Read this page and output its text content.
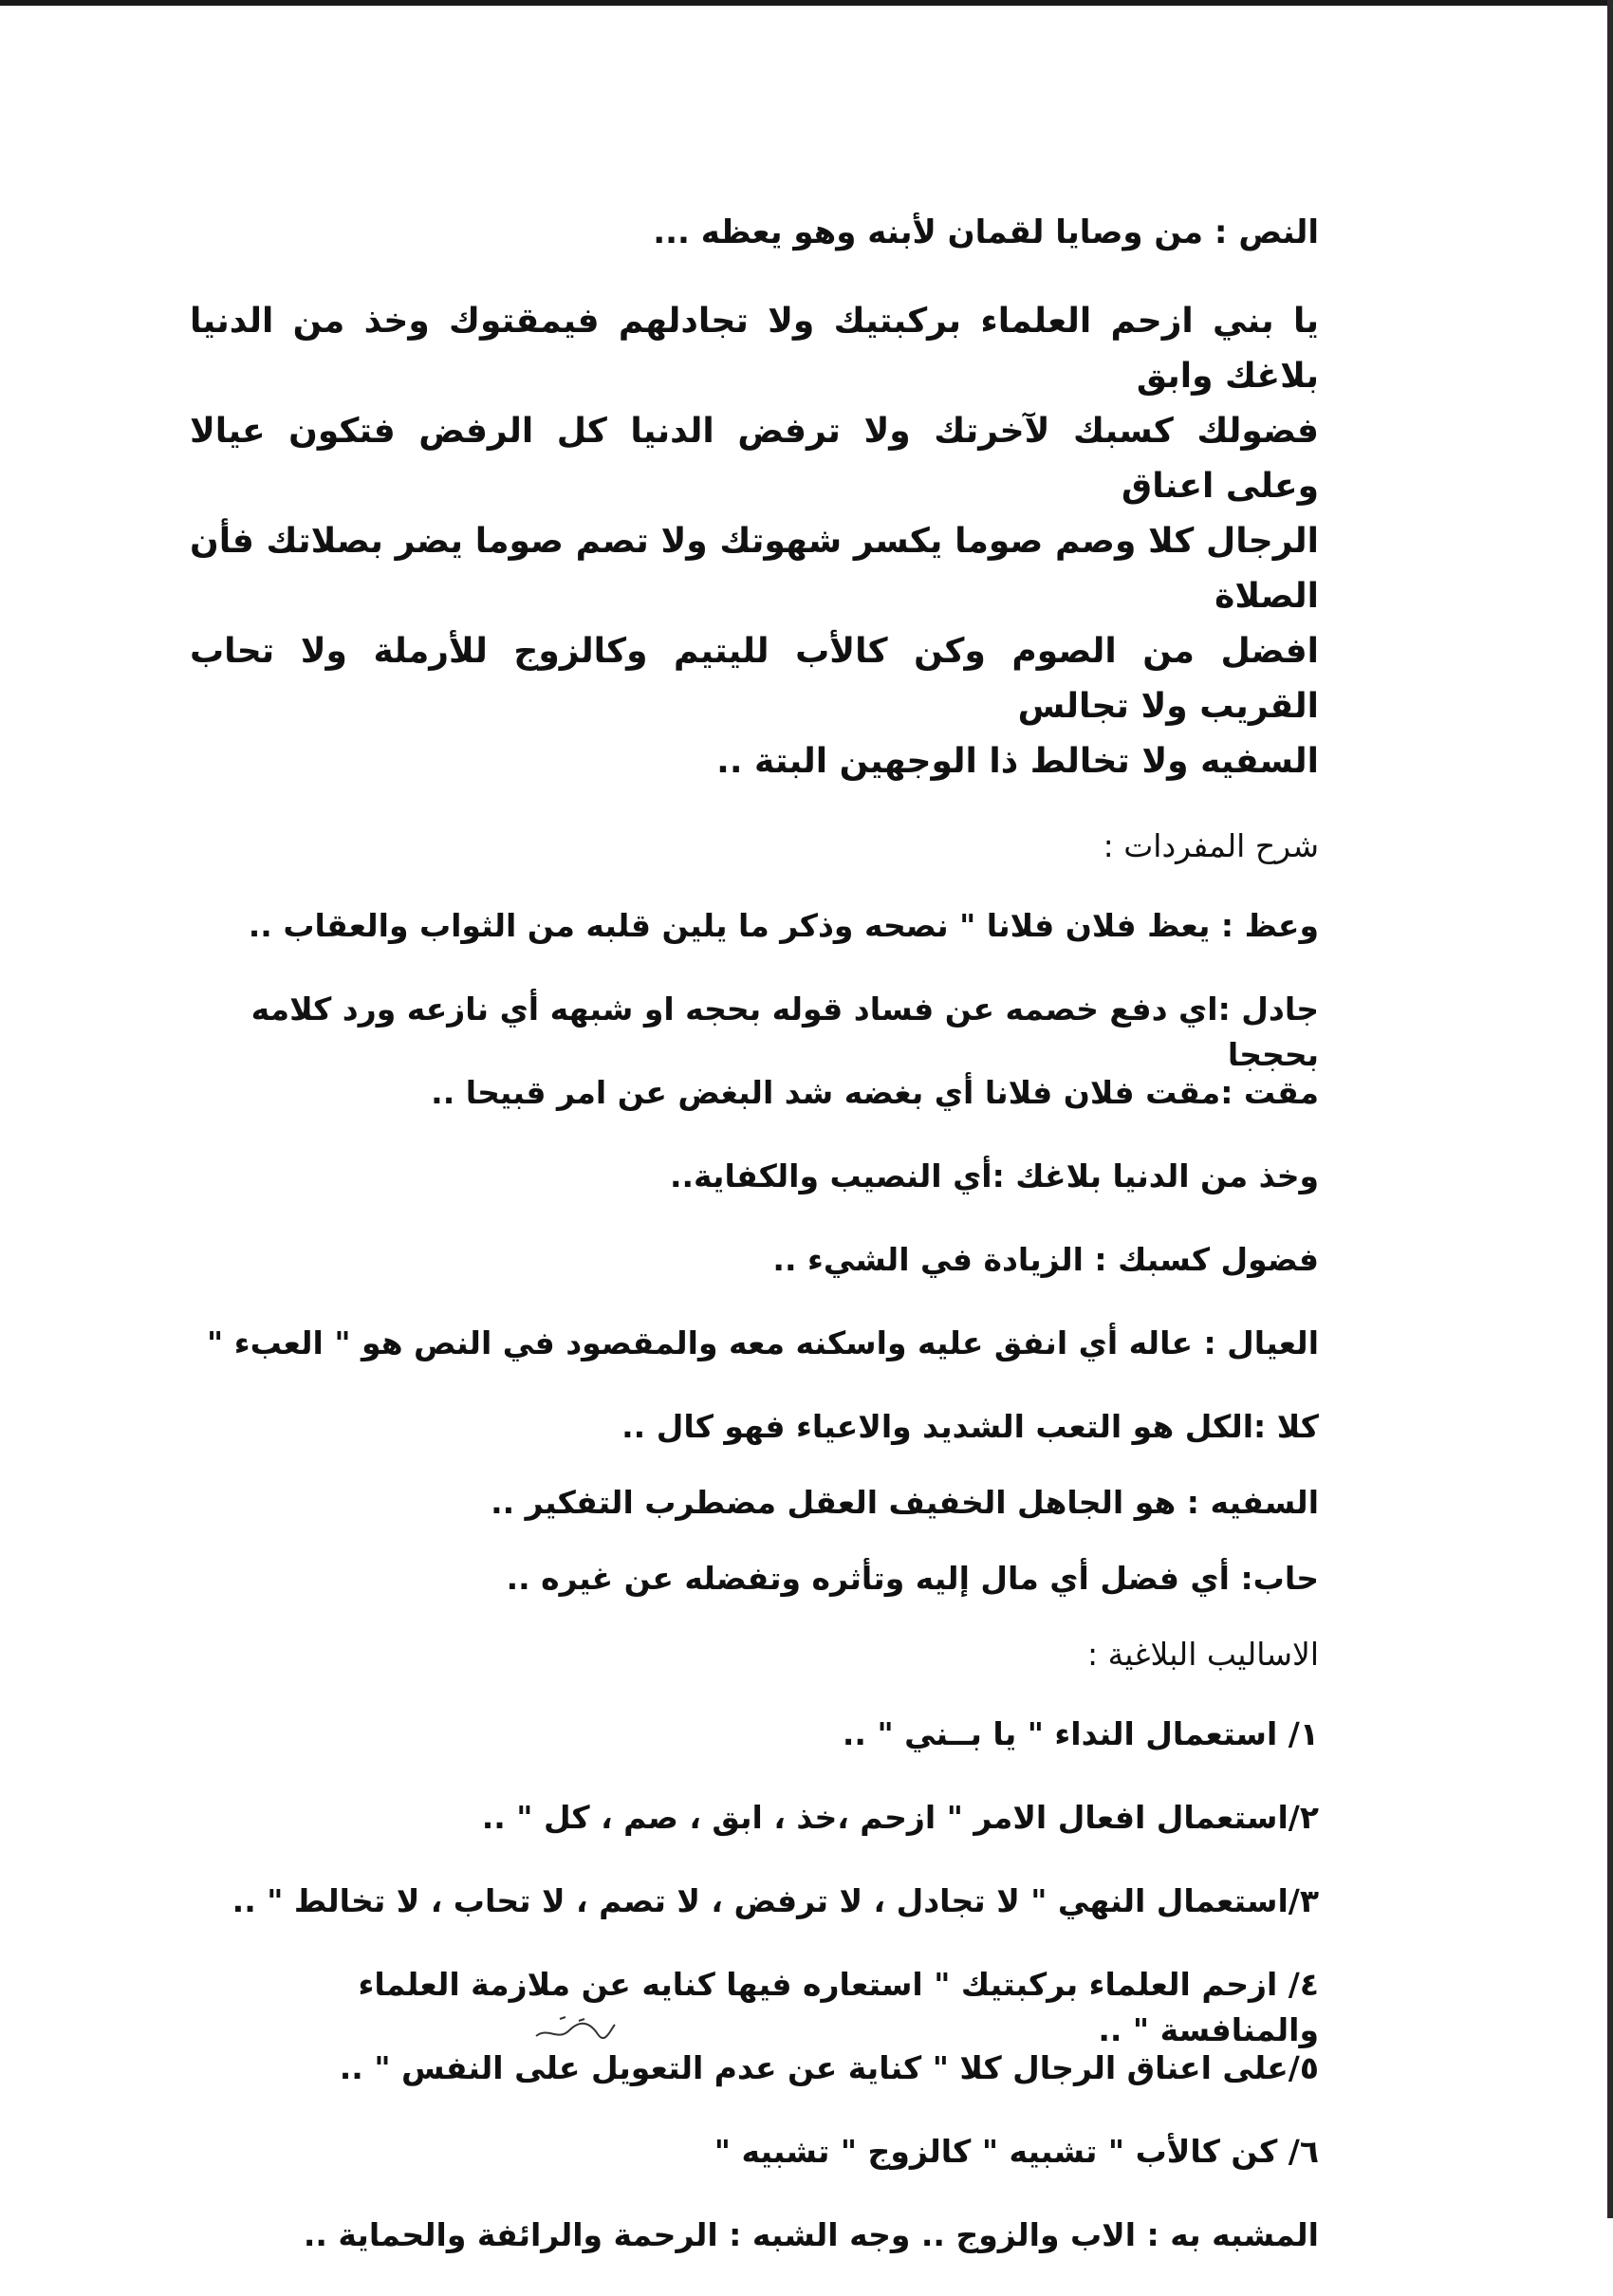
النص : من وصايا لقمان لأبنه وهو يعظه ...
يا بني ازحم العلماء بركبتيك ولا تجادلهم فيمقتوك وخذ من الدنيا بلاغك وابق
فضولك كسبك لآخرتك ولا ترفض الدنيا كل الرفض فتكون عيالا وعلى اعناق
الرجال كلا وصم صوما يكسر شهوتك ولا تصم صوما يضر بصلاتك فأن الصلاة
افضل من الصوم وكن كالأب لليتيم وكالزوج للأرملة ولا تحاب القريب ولا تجالس
السفيه ولا تخالط ذا الوجهين البتة ..
شرح المفردات :
وعظ : يعظ فلان فلانا " نصحه وذكر ما يلين قلبه من الثواب والعقاب ..
جادل :اي دفع خصمه عن فساد قوله بحجه او شبهه أي نازعه ورد كلامه بحججا
مقت :مقت فلان فلانا أي بغضه شد البغض عن امر قبيحا ..
وخذ من الدنيا بلاغك :أي النصيب والكفاية..
فضول كسبك : الزيادة في الشيء ..
العيال : عاله أي انفق عليه واسكنه معه والمقصود في النص هو " العبء "
كلا :الكل هو التعب الشديد والاعياء فهو كال ..
السفيه : هو الجاهل الخفيف العقل مضطرب التفكير ..
حاب: أي فضل أي مال إليه وتأثره وتفضله عن غيره ..
الاساليب البلاغية :
١/ استعمال النداء " يا بــني " ..
٢/استعمال افعال الامر " ازحم ،خذ ، ابق ، صم ، كل " ..
٣/استعمال النهي " لا تجادل ، لا ترفض ، لا تصم ، لا تحاب ، لا تخالط " ..
٤/ ازحم العلماء بركبتيك " استعاره فيها كنايه عن ملازمة العلماء والمنافسة " ..
٥/على اعناق الرجال كلا " كناية عن عدم التعويل على النفس " ..
٦/ كن كالأب " تشبيه " كالزوج " تشبيه "
المشبه به : الاب والزوج .. وجه الشبه : الرحمة والرائفة والحماية ..
